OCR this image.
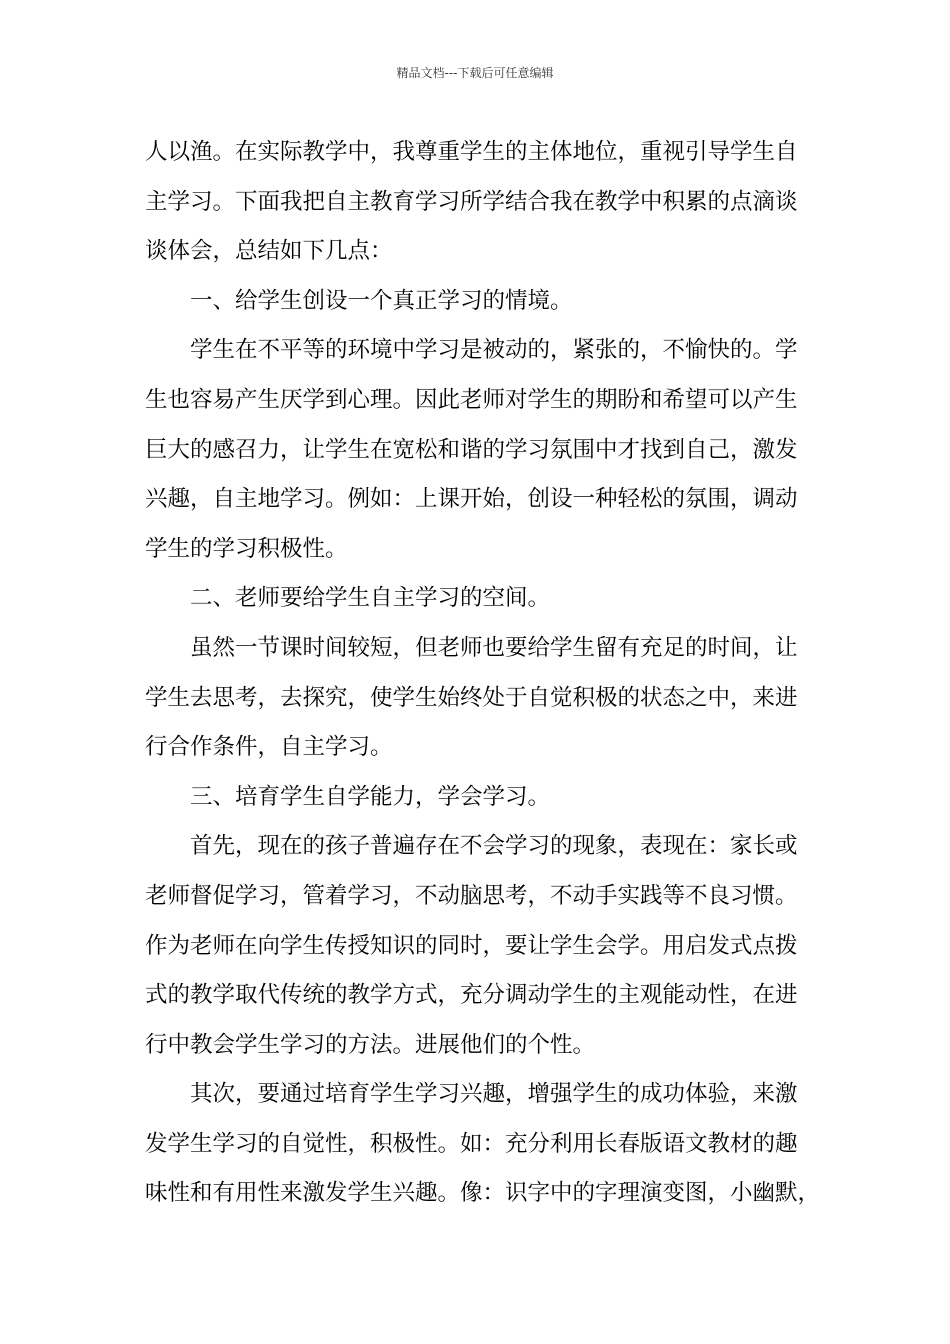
精品文档---下载后可任意编辑
人以渔。在实际教学中，我尊重学生的主体地位，重视引导学生自
主学习。下面我把自主教育学习所学结合我在教学中积累的点滴谈
谈体会，总结如下几点：
一、给学生创设一个真正学习的情境。
学生在不平等的环境中学习是被动的，紧张的，不愉快的。学
生也容易产生厌学到心理。因此老师对学生的期盼和希望可以产生
巨大的感召力，让学生在宽松和谐的学习氛围中才找到自己，激发
兴趣，自主地学习。例如：上课开始，创设一种轻松的氛围，调动
学生的学习积极性。
二、老师要给学生自主学习的空间。
虽然一节课时间较短，但老师也要给学生留有充足的时间，让
学生去思考，去探究，使学生始终处于自觉积极的状态之中，来进
行合作条件，自主学习。
三、培育学生自学能力，学会学习。
首先，现在的孩子普遍存在不会学习的现象，表现在：家长或
老师督促学习，管着学习，不动脑思考，不动手实践等不良习惯。
作为老师在向学生传授知识的同时，要让学生会学。用启发式点拨
式的教学取代传统的教学方式，充分调动学生的主观能动性，在进
行中教会学生学习的方法。进展他们的个性。
其次，要通过培育学生学习兴趣，增强学生的成功体验，来激
发学生学习的自觉性，积极性。如：充分利用长春版语文教材的趣
味性和有用性来激发学生兴趣。像：识字中的字理演变图，小幽默，
